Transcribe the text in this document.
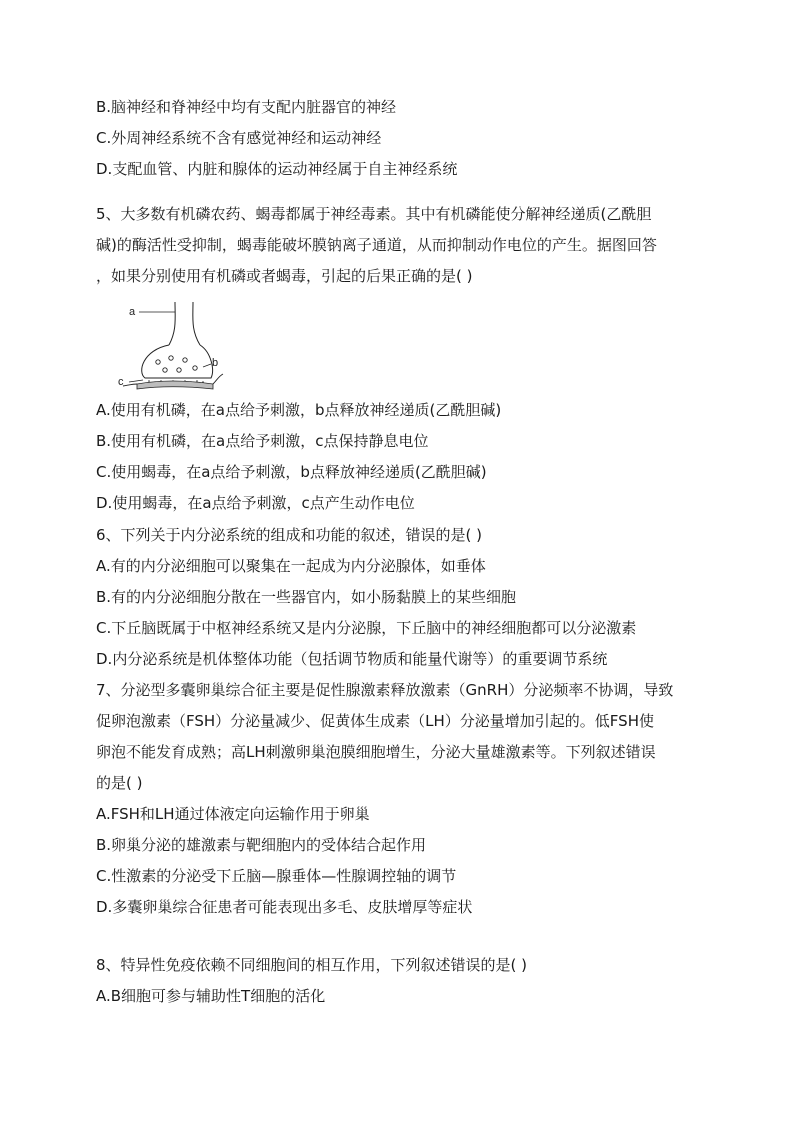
B.脑神经和脊神经中均有支配内脏器官的神经
C.外周神经系统不含有感觉神经和运动神经
D.支配血管、内脏和腺体的运动神经属于自主神经系统
5、大多数有机磷农药、蝎毒都属于神经毒素。其中有机磷能使分解神经递质(乙酰胆
碱)的酶活性受抑制，蝎毒能破坏膜钠离子通道，从而抑制动作电位的产生。据图回答
，如果分别使用有机磷或者蝎毒，引起的后果正确的是( )
a
b
c
A.使用有机磷，在a点给予刺激，b点释放神经递质(乙酰胆碱)
B.使用有机磷，在a点给予刺激，c点保持静息电位
C.使用蝎毒，在a点给予刺激，b点释放神经递质(乙酰胆碱)
D.使用蝎毒，在a点给予刺激，c点产生动作电位
6、下列关于内分泌系统的组成和功能的叙述，错误的是( )
A.有的内分泌细胞可以聚集在一起成为内分泌腺体，如垂体
B.有的内分泌细胞分散在一些器官内，如小肠黏膜上的某些细胞
C.下丘脑既属于中枢神经系统又是内分泌腺，下丘脑中的神经细胞都可以分泌激素
D.内分泌系统是机体整体功能（包括调节物质和能量代谢等）的重要调节系统
7、分泌型多囊卵巢综合征主要是促性腺激素释放激素（GnRH）分泌频率不协调，导致
促卵泡激素（FSH）分泌量减少、促黄体生成素（LH）分泌量增加引起的。低FSH使
卵泡不能发育成熟；高LH刺激卵巢泡膜细胞增生，分泌大量雄激素等。下列叙述错误
的是( )
A.FSH和LH通过体液定向运输作用于卵巢
B.卵巢分泌的雄激素与靶细胞内的受体结合起作用
C.性激素的分泌受下丘脑—腺垂体—性腺调控轴的调节
D.多囊卵巢综合征患者可能表现出多毛、皮肤增厚等症状
8、特异性免疫依赖不同细胞间的相互作用，下列叙述错误的是( )
A.B细胞可参与辅助性T细胞的活化
